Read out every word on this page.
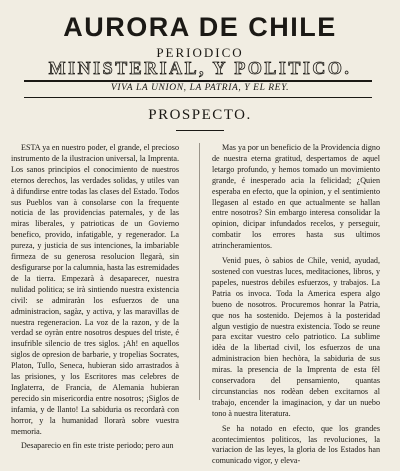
AURORA DE CHILE
PERIODICO
MINISTERIAL, Y POLITICO.
VIVA LA UNION, LA PATRIA, Y EL REY.
PROSPECTO.

ESTA ya en nuestro poder, el grande, el precioso instrumento de la ilustracion universal, la Imprenta. Los sanos principios el conocimiento de nuestros eternos derechos, las verdades solidas, y utiles van à difundirse entre todas las clases del Estado. Todos sus Pueblos van à consolarse con la frequente noticia de las providencias paternales, y de las miras liberales, y patrioticas de un Govierno benefico, provido, infatigable, y regenerador. La pureza, y justicia de sus intenciones, la imbariable firmeza de su generosa resolucion llegarà, sin desfigurarse por la calumnia, hasta las estremidades de la tierra. Empezarà à desaparecer, nuestra nulidad politica; se irà sintiendo nuestra existencia civil: se admiraràn los esfuerzos de una administracion, sagàz, y activa, y las maravillas de nuestra regeneracion. La voz de la razon, y de la verdad se oyràn entre nosotros despues del triste, é insufrible silencio de tres siglos. ¡Ah! en aquellos siglos de opresion de barbarie, y tropelias Socrates, Platon, Tullo, Seneca, hubieran sido arrastrados à las prisiones, y los Escritores mas celebres de Inglaterra, de Francia, de Alemania hubieran perecido sin misericordia entre nosotros; ¡Siglos de infamia, y de llanto! La sabiduria os recordarà con horror, y la humanidad llorarà sobre vuestra memoria.

Desaparecio en fin este triste periodo; pero aun

Mas ya por un beneficio de la Providencia digno de nuestra eterna gratitud, despertamos de aquel letargo profundo, y hemos tomado un movimiento grande, é inesperado acia la felicidad; ¿Quien esperaba en efecto, que la opinion, y el sentimiento llegasen al estado en que actualmente se hallan entre nosotros? Sin embargo interesa consolidar la opinion, dicipar infundados recelos, y perseguir, combatir los errores hasta sus ultimos atrincheramientos.

Venid pues, ò sabios de Chile, venid, ayudad, sostened con vuestras luces, meditaciones, libros, y papeles, nuestros debiles esfuerzos, y trabajos. La Patria os invoca. Toda la America espera algo bueno de nosotros. Procuremos honrar la Patria, que nos ha sostenido. Dejemos à la posteridad algun vestigio de nuestra existencia. Todo se reune para excitar vuestro celo patriotico. La sublime idèa de la libertad civil, los esfuerzos de una administracion bien hechòra, la sabiduria de sus miras. la presencia de la Imprenta de esta fèl conservadora del pensamiento, quantas circunstancias nos rodèan deben excitarnos al trabajo, encender la imaginacion, y dar un nuebo tono à nuestra literatura.

Se ha notado en efecto, que los grandes acontecimientos politicos, las revoluciones, la variacion de las leyes, la gloria de los Estados han comunicado vigor, y eleva-
